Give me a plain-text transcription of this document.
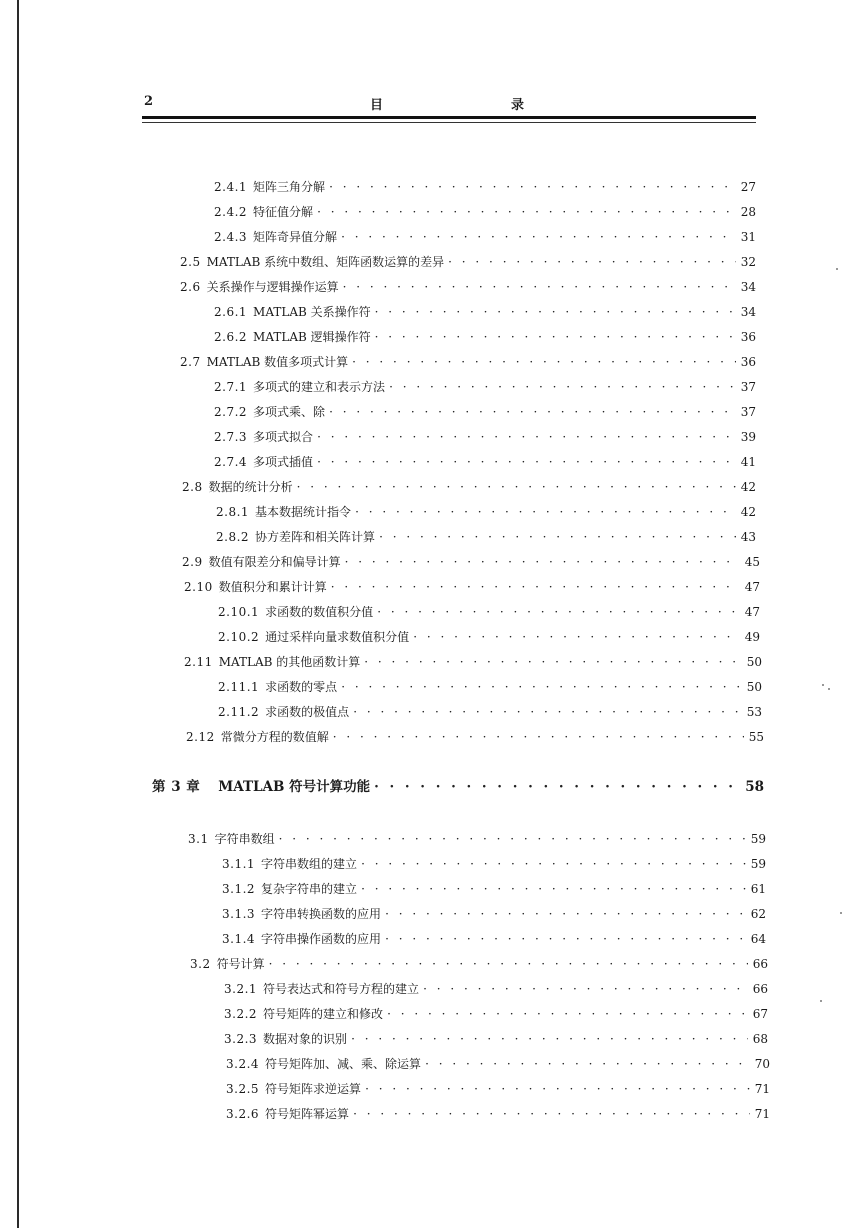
2	目	录
2.4.1 矩阵三角分解 · · ·	27
2.4.2 特征值分解 · · ·	28
2.4.3 矩阵奇异值分解 · · ·	31
2.5 MATLAB 系统中数组、矩阵函数运算的差异 · · ·	32
2.6 关系操作与逻辑操作运算 · · ·	34
2.6.1 MATLAB 关系操作符 · · ·	34
2.6.2 MATLAB 逻辑操作符 · · ·	36
2.7 MATLAB 数值多项式计算 · · ·	36
2.7.1 多项式的建立和表示方法 · · ·	37
2.7.2 多项式乘、除 · · ·	37
2.7.3 多项式拟合 · · ·	39
2.7.4 多项式插值 · · ·	41
2.8 数据的统计分析 · · ·	42
2.8.1 基本数据统计指令 · · ·	42
2.8.2 协方差阵和相关阵计算 · · ·	43
2.9 数值有限差分和偏导计算 · · ·	45
2.10 数值积分和累计计算 · · ·	47
2.10.1 求函数的数值积分值 · · ·	47
2.10.2 通过采样向量求数值积分值 · · ·	49
2.11 MATLAB 的其他函数计算 · · ·	50
2.11.1 求函数的零点 · · ·	50
2.11.2 求函数的极值点 · · ·	53
2.12 常微分方程的数值解 · · ·	55
第 3 章 MATLAB 符号计算功能 · · ·	58
3.1 字符串数组 · · ·	59
3.1.1 字符串数组的建立 · · ·	59
3.1.2 复杂字符串的建立 · · ·	61
3.1.3 字符串转换函数的应用 · · ·	62
3.1.4 字符串操作函数的应用 · · ·	64
3.2 符号计算 · · ·	66
3.2.1 符号表达式和符号方程的建立 · · ·	66
3.2.2 符号矩阵的建立和修改 · · ·	67
3.2.3 数据对象的识别 · · ·	68
3.2.4 符号矩阵加、减、乘、除运算 · · ·	70
3.2.5 符号矩阵求逆运算 · · ·	71
3.2.6 符号矩阵幂运算 · · ·	71
